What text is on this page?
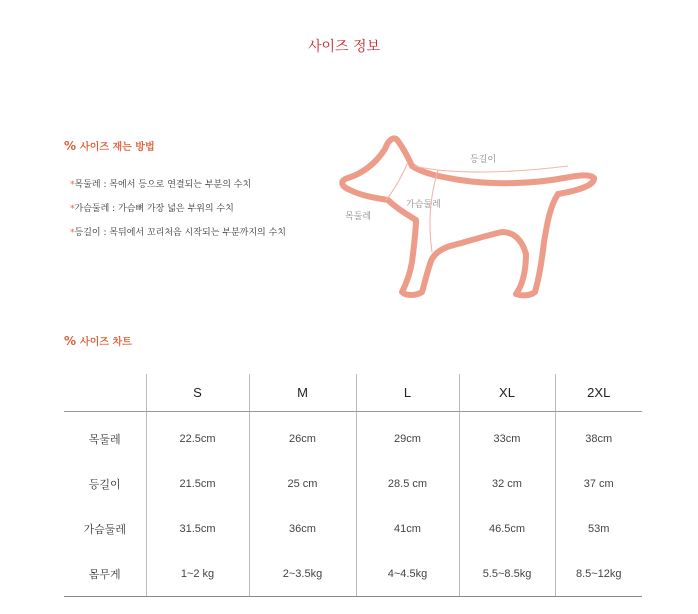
사이즈 정보
% 사이즈 재는 방법
*목둘레 : 목에서 등으로 연결되는 부분의 수치
*가슴둘레 : 가슴뼈 가장 넓은 부위의 수치
*등길이 : 목뒤에서 꼬리처음 시작되는 부분까지의 수치
등길이
가슴둘레
목둘레
% 사이즈 차트
	S	M	L	XL	2XL
목둘레	22.5cm	26cm	29cm	33cm	38cm
등길이	21.5cm	25 cm	28.5 cm	32 cm	37 cm
가슴둘레	31.5cm	36cm	41cm	46.5cm	53m
몸무게	1~2 kg	2~3.5kg	4~4.5kg	5.5~8.5kg	8.5~12kg
